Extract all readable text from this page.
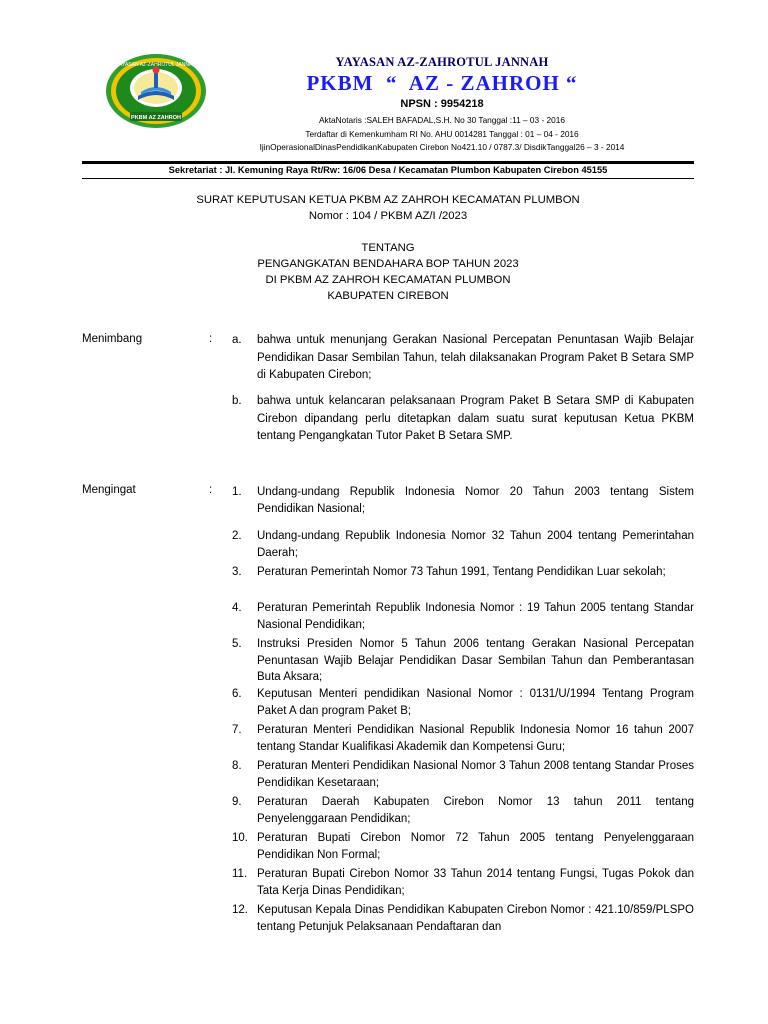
YAYASAN AZ-ZAHROTUL JANNAH
PKBM AZ ZAHROH
YAYASAN AZ-ZAHROTUL JANNAH
PKBM  “  AZ - ZAHROH “
NPSN : 9954218
AktaNotaris :SALEH BAFADAL,S.H. No 30 Tanggal :11 – 03 - 2016
Terdaftar di Kemenkumham RI No. AHU 0014281 Tanggal : 01 – 04 - 2016
IjinOperasionalDinasPendidikanKabupaten Cirebon No421.10 / 0787.3/ DisdikTanggal26 – 3 - 2014
Sekretariat : Jl. Kemuning Raya Rt/Rw: 16/06 Desa / Kecamatan Plumbon Kabupaten Cirebon 45155
SURAT KEPUTUSAN KETUA PKBM AZ ZAHROH KECAMATAN PLUMBON
Nomor : 104 / PKBM AZ/I /2023
TENTANG
PENGANGKATAN BENDAHARA BOP TAHUN 2023
DI PKBM AZ ZAHROH KECAMATAN PLUMBON
KABUPATEN CIREBON
Menimbang	: a. bahwa untuk menunjang Gerakan Nasional Percepatan Penuntasan Wajib Belajar Pendidikan Dasar Sembilan Tahun, telah dilaksanakan Program Paket B Setara SMP di Kabupaten Cirebon;
b. bahwa untuk kelancaran pelaksanaan Program Paket B Setara SMP di Kabupaten Cirebon dipandang perlu ditetapkan dalam suatu surat keputusan Ketua PKBM tentang Pengangkatan Tutor Paket B Setara SMP.
Mengingat	: 1. Undang-undang Republik Indonesia Nomor 20 Tahun 2003 tentang Sistem Pendidikan Nasional;
2. Undang-undang Republik Indonesia Nomor 32 Tahun 2004 tentang Pemerintahan Daerah;
3. Peraturan Pemerintah Nomor 73 Tahun 1991, Tentang Pendidikan Luar sekolah;
4. Peraturan Pemerintah Republik Indonesia Nomor : 19 Tahun 2005 tentang Standar Nasional Pendidikan;
5. Instruksi Presiden Nomor 5 Tahun 2006 tentang Gerakan Nasional Percepatan Penuntasan Wajib Belajar Pendidikan Dasar Sembilan Tahun dan Pemberantasan Buta Aksara;
6. Keputusan Menteri pendidikan Nasional Nomor : 0131/U/1994 Tentang Program Paket A dan program Paket B;
7. Peraturan Menteri Pendidikan Nasional Republik Indonesia Nomor 16 tahun 2007 tentang Standar Kualifikasi Akademik dan Kompetensi Guru;
8. Peraturan Menteri Pendidikan Nasional Nomor 3 Tahun 2008 tentang Standar Proses Pendidikan Kesetaraan;
9. Peraturan Daerah Kabupaten Cirebon Nomor 13 tahun 2011 tentang Penyelenggaraan Pendidikan;
10. Peraturan Bupati Cirebon Nomor 72 Tahun 2005 tentang Penyelenggaraan Pendidikan Non Formal;
11. Peraturan Bupati Cirebon Nomor 33 Tahun 2014 tentang Fungsi, Tugas Pokok dan Tata Kerja Dinas Pendidikan;
12. Keputusan Kepala Dinas Pendidikan Kabupaten Cirebon Nomor : 421.10/859/PLSPO tentang Petunjuk Pelaksanaan Pendaftaran dan
